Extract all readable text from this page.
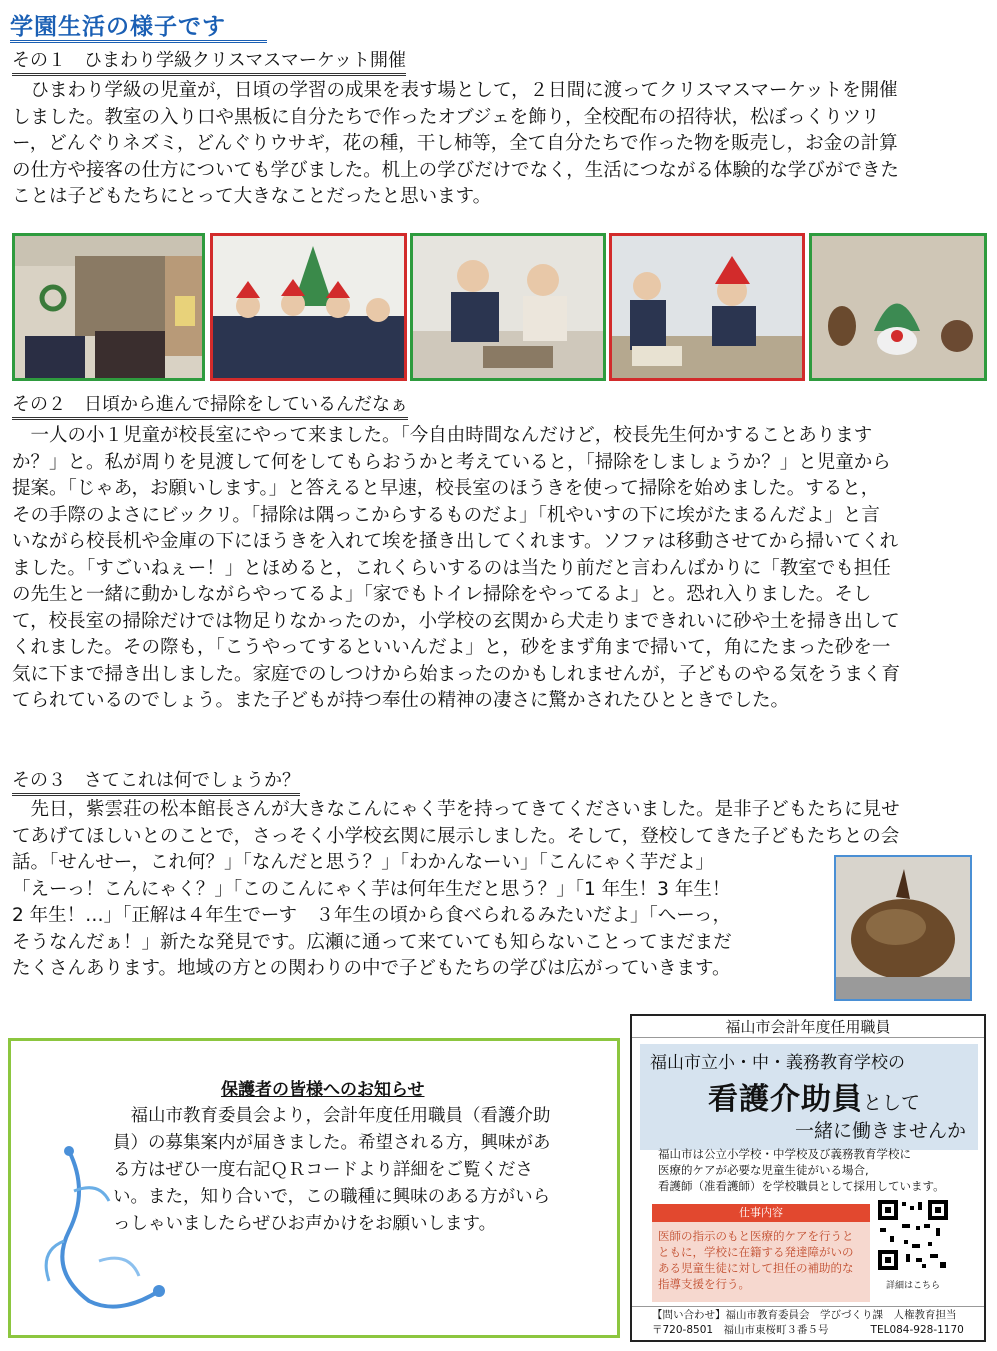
学園生活の様子です
その１　ひまわり学級クリスマスマーケット開催
　ひまわり学級の児童が，日頃の学習の成果を表す場として，２日間に渡ってクリスマスマーケットを開催
しました。教室の入り口や黒板に自分たちで作ったオブジェを飾り，全校配布の招待状，松ぼっくりツリ
ー，どんぐりネズミ，どんぐりウサギ，花の種，干し柿等，全て自分たちで作った物を販売し，お金の計算
の仕方や接客の仕方についても学びました。机上の学びだけでなく，生活につながる体験的な学びができた
ことは子どもたちにとって大きなことだったと思います。
その２　日頃から進んで掃除をしているんだなぁ
　一人の小１児童が校長室にやって来ました。「今自由時間なんだけど，校長先生何かすることあります
か？」と。私が周りを見渡して何をしてもらおうかと考えていると，「掃除をしましょうか？」と児童から
提案。「じゃあ，お願いします。」と答えると早速，校長室のほうきを使って掃除を始めました。すると，
その手際のよさにビックリ。「掃除は隅っこからするものだよ」「机やいすの下に埃がたまるんだよ」と言
いながら校長机や金庫の下にほうきを入れて埃を掻き出してくれます。ソファは移動させてから掃いてくれ
ました。「すごいねぇー！」とほめると，これくらいするのは当たり前だと言わんばかりに「教室でも担任
の先生と一緒に動かしながらやってるよ」「家でもトイレ掃除をやってるよ」と。恐れ入りました。そし
て，校長室の掃除だけでは物足りなかったのか，小学校の玄関から犬走りまできれいに砂や土を掃き出して
くれました。その際も，「こうやってするといいんだよ」と，砂をまず角まで掃いて，角にたまった砂を一
気に下まで掃き出しました。家庭でのしつけから始まったのかもしれませんが，子どものやる気をうまく育
てられているのでしょう。また子どもが持つ奉仕の精神の凄さに驚かされたひとときでした。
その３　さてこれは何でしょうか？
　先日，紫雲荘の松本館長さんが大きなこんにゃく芋を持ってきてくださいました。是非子どもたちに見せ
てあげてほしいとのことで，さっそく小学校玄関に展示しました。そして，登校してきた子どもたちとの会
話。「せんせー，これ何？」「なんだと思う？」「わかんなーい」「こんにゃく芋だよ」
「えーっ！こんにゃく？」「このこんにゃく芋は何年生だと思う？」「1 年生！3 年生！
2 年生！…」「正解は４年生でーす　３年生の頃から食べられるみたいだよ」「へーっ，
そうなんだぁ！」新たな発見です。広瀬に通って来ていても知らないことってまだまだ
たくさんあります。地域の方との関わりの中で子どもたちの学びは広がっていきます。
保護者の皆様へのお知らせ
　福山市教育委員会より，会計年度任用職員（看護介助
員）の募集案内が届きました。希望される方，興味があ
る方はぜひ一度右記ＱＲコードより詳細をご覧くださ
い。また，知り合いで，この職種に興味のある方がいら
っしゃいましたらぜひお声かけをお願いします。
福山市会計年度任用職員
福山市立小・中・義務教育学校の
看護介助員として
一緒に働きませんか
福山市は公立小学校・中学校及び義務教育学校に
医療的ケアが必要な児童生徒がいる場合,
看護師（准看護師）を学校職員として採用しています。
仕事内容
医師の指示のもと医療的ケアを行うと
ともに，学校に在籍する発達障がいの
ある児童生徒に対して担任の補助的な
指導支援を行う。	詳細はこちら
【問い合わせ】福山市教育委員会　学びづくり課　人権教育担当
〒720-8501　福山市東桜町３番５号　　　　TEL084-928-1170
